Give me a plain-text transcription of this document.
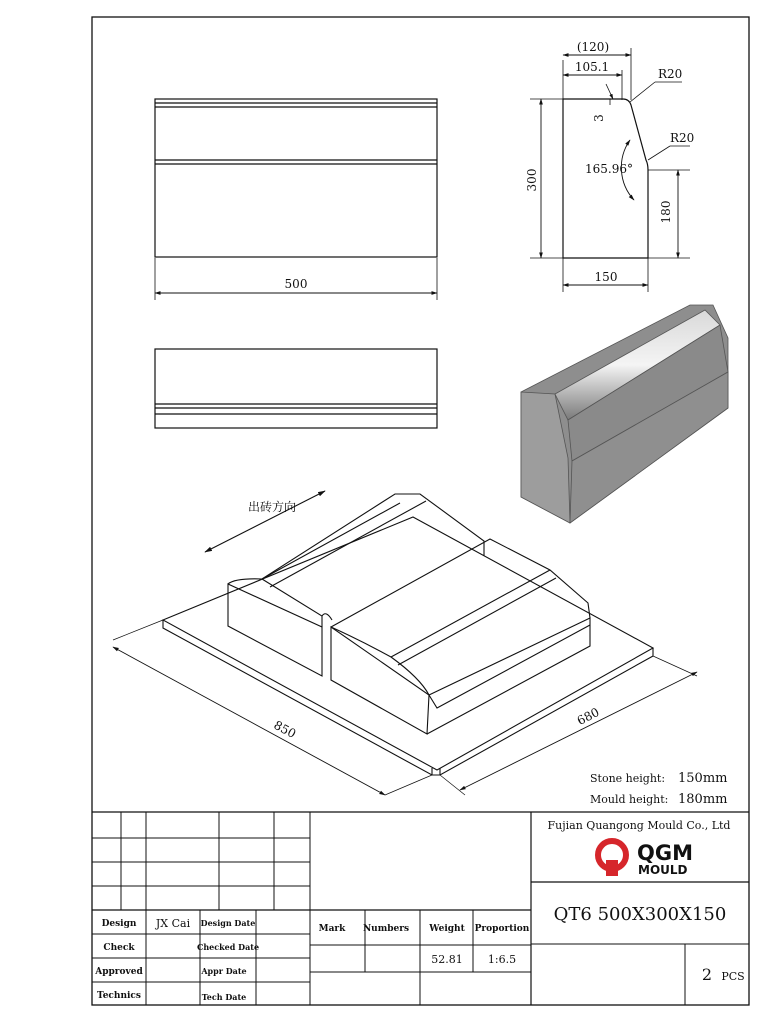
500
(120)
105.1	R20
R20
3
165.96°
300
180
150
出砖方向
850
680
Stone height: 150mm
Mould height: 180mm
Design
Check
Approved
Technics
JX Cai Design Date
Checked Date
Appr Date
Tech Date
Mark Numbers Weight Proportion
52.81 1:6.5
Fujian Quangong Mould Co., Ltd
QGM
MOULD
QT6 500X300X150
2 PCS
